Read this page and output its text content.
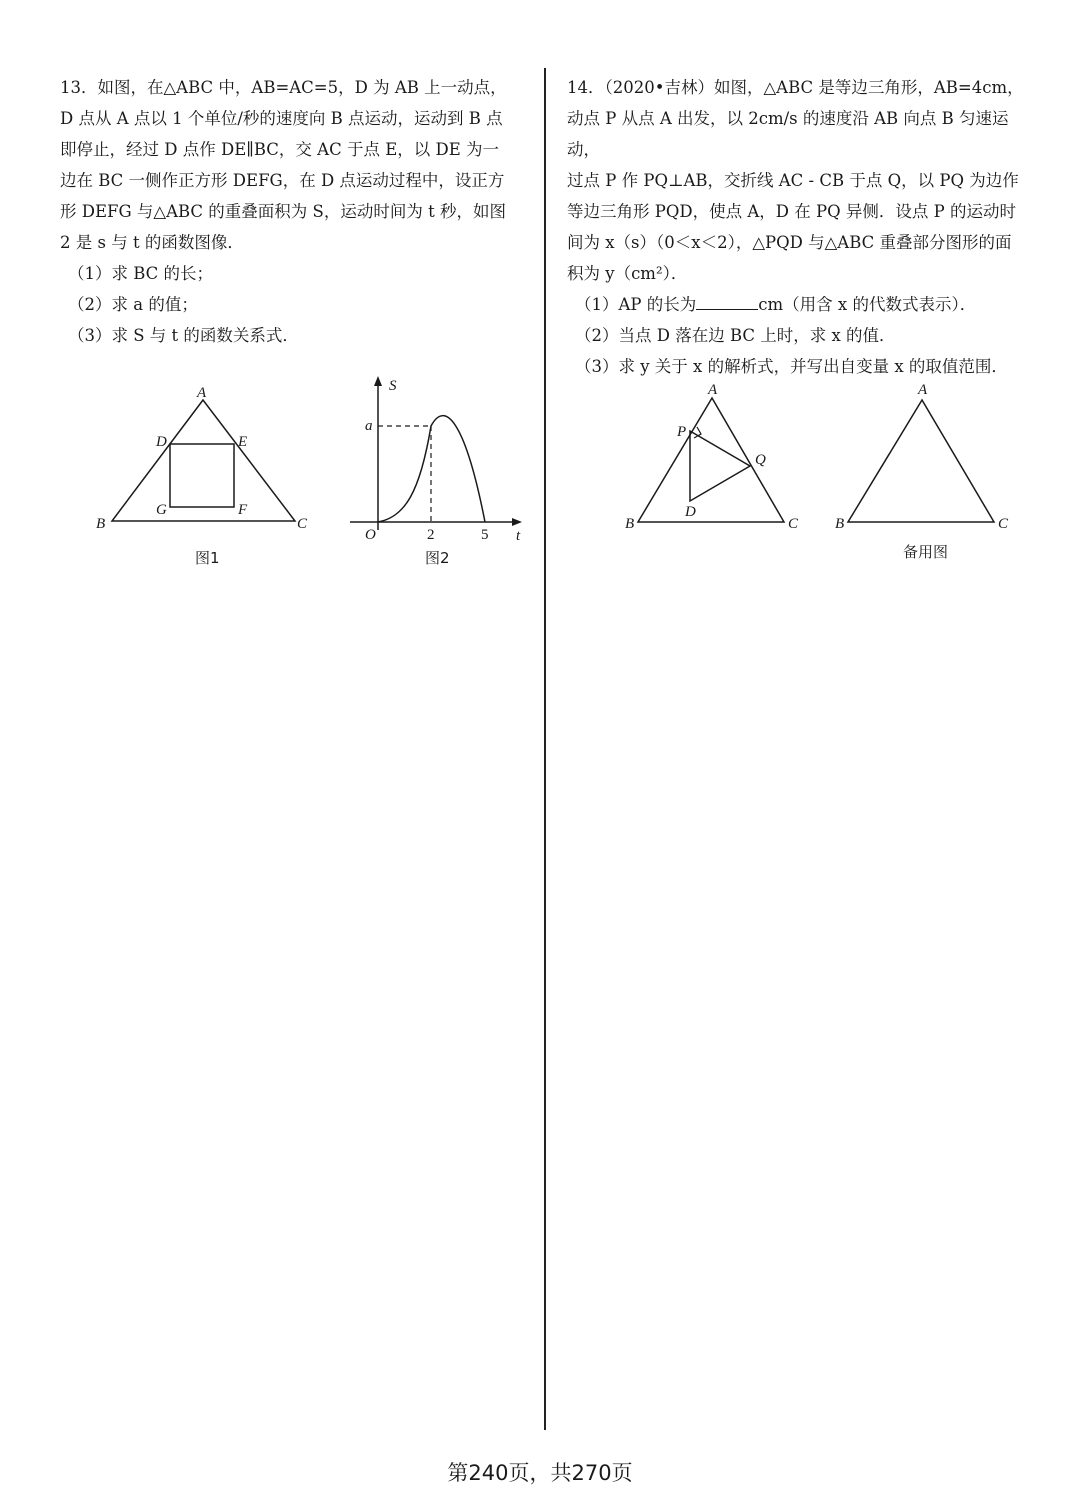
13．如图，在△ABC 中，AB=AC=5，D 为 AB 上一动点，

D 点从 A 点以 1 个单位/秒的速度向 B 点运动，运动到 B 点

即停止，经过 D 点作 DE∥BC，交 AC 于点 E，以 DE 为一

边在 BC 一侧作正方形 DEFG，在 D 点运动过程中，设正方

形 DEFG 与△ABC 的重叠面积为 S，运动时间为 t 秒，如图

2 是 s 与 t 的函数图像．

（1）求 BC 的长；

（2）求 a 的值；

（3）求 S 与 t 的函数关系式．

14．（2020•吉林）如图，△ABC 是等边三角形，AB=4cm，

动点 P 从点 A 出发，以 2cm/s 的速度沿 AB 向点 B 匀速运动，

过点 P 作 PQ⊥AB，交折线 AC - CB 于点 Q，以 PQ 为边作

等边三角形 PQD，使点 A，D 在 PQ 异侧．设点 P 的运动时

间为 x（s）（0＜x＜2），△PQD 与△ABC 重叠部分图形的面

积为 y（cm²）．

（1）AP 的长为	cm（用含 x 的代数式表示）．

（2）当点 D 落在边 BC 上时，求 x 的值．

（3）求 y 关于 x 的解析式，并写出自变量 x 的取值范围．

A
B	C
D	E
F
G
图1
S
t
O
a
2	5
图2
A
B	C
P
Q
D
A
B	C
备用图
第240页，共270页
